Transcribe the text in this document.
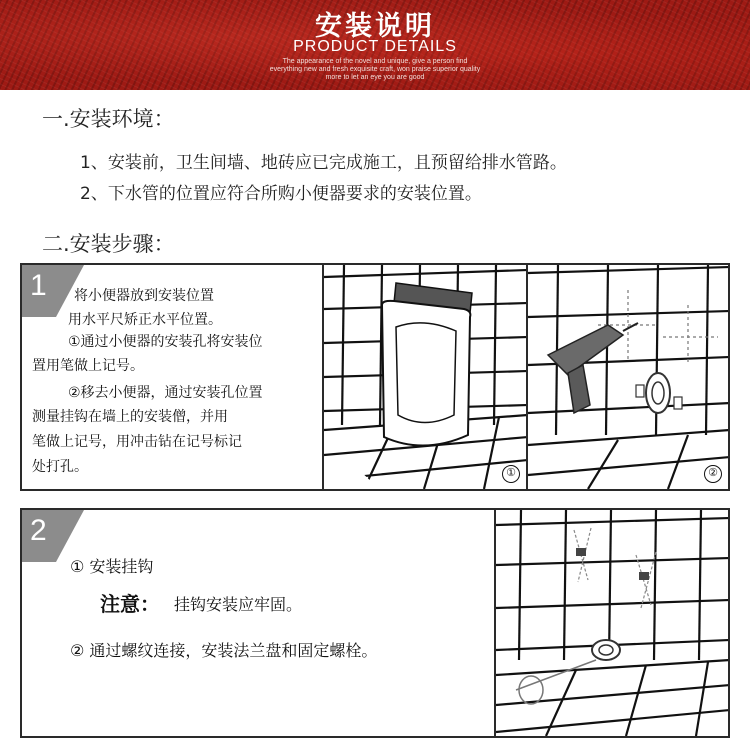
安装说明
PRODUCT DETAILS
The appearance of the novel and unique, give a person find
everything new and fresh exquisite craft, won praise superior quality
more to let an eye you are good
一.安装环境：
1、安装前，卫生间墙、地砖应已完成施工，且预留给排水管路。
2、下水管的位置应符合所购小便器要求的安装位置。
二.安装步骤：
1 将小便器放到安装位置
用水平尺矫正水平位置。
①通过小便器的安装孔将安装位
置用笔做上记号。
②移去小便器，通过安装孔位置
测量挂钩在墙上的安装僧，并用
笔做上记号，用冲击钻在记号标记
处打孔。	①	②
2
① 安装挂钩
注意： 挂钩安装应牢固。
② 通过螺纹连接，安装法兰盘和固定螺栓。
